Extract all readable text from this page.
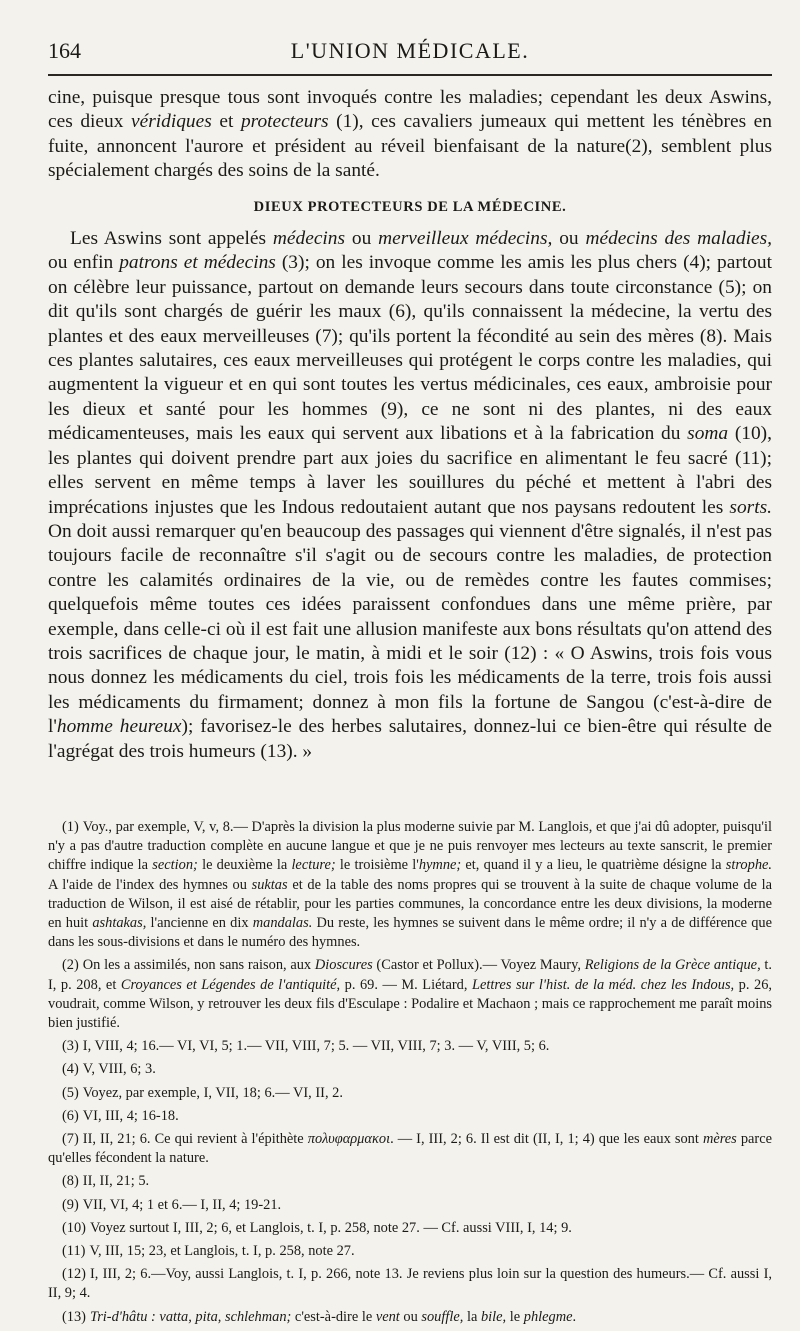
164	L'UNION MÉDICALE.

cine, puisque presque tous sont invoqués contre les maladies; cependant les deux Aswins, ces dieux véridiques et protecteurs (1), ces cavaliers jumeaux qui mettent les ténèbres en fuite, annoncent l'aurore et président au réveil bienfaisant de la nature(2), semblent plus spécialement chargés des soins de la santé.

DIEUX PROTECTEURS DE LA MÉDECINE.

Les Aswins sont appelés médecins ou merveilleux médecins, ou médecins des maladies, ou enfin patrons et médecins (3); on les invoque comme les amis les plus chers (4); partout on célèbre leur puissance, partout on demande leurs secours dans toute circonstance (5); on dit qu'ils sont chargés de guérir les maux (6), qu'ils connaissent la médecine, la vertu des plantes et des eaux merveilleuses (7); qu'ils portent la fécondité au sein des mères (8). Mais ces plantes salutaires, ces eaux merveilleuses qui protégent le corps contre les maladies, qui augmentent la vigueur et en qui sont toutes les vertus médicinales, ces eaux, ambroisie pour les dieux et santé pour les hommes (9), ce ne sont ni des plantes, ni des eaux médicamenteuses, mais les eaux qui servent aux libations et à la fabrication du soma (10), les plantes qui doivent prendre part aux joies du sacrifice en alimentant le feu sacré (11); elles servent en même temps à laver les souillures du péché et mettent à l'abri des imprécations injustes que les Indous redoutaient autant que nos paysans redoutent les sorts. On doit aussi remarquer qu'en beaucoup des passages qui viennent d'être signalés, il n'est pas toujours facile de reconnaître s'il s'agit ou de secours contre les maladies, de protection contre les calamités ordinaires de la vie, ou de remèdes contre les fautes commises; quelquefois même toutes ces idées paraissent confondues dans une même prière, par exemple, dans celle-ci où il est fait une allusion manifeste aux bons résultats qu'on attend des trois sacrifices de chaque jour, le matin, à midi et le soir (12) : « O Aswins, trois fois vous nous donnez les médicaments du ciel, trois fois les médicaments de la terre, trois fois aussi les médicaments du firmament; donnez à mon fils la fortune de Sangou (c'est-à-dire de l'homme heureux); favorisez-le des herbes salutaires, donnez-lui ce bien-être qui résulte de l'agrégat des trois humeurs (13). »

(1) Voy., par exemple, V, v, 8.— D'après la division la plus moderne suivie par M. Langlois, et que j'ai dû adopter, puisqu'il n'y a pas d'autre traduction complète en aucune langue et que je ne puis renvoyer mes lecteurs au texte sanscrit, le premier chiffre indique la section; le deuxième la lecture; le troisième l'hymne; et, quand il y a lieu, le quatrième désigne la strophe. A l'aide de l'index des hymnes ou suktas et de la table des noms propres qui se trouvent à la suite de chaque volume de la traduction de Wilson, il est aisé de rétablir, pour les parties communes, la concordance entre les deux divisions, la moderne en huit ashtakas, l'ancienne en dix mandalas. Du reste, les hymnes se suivent dans le même ordre; il n'y a de différence que dans les sous-divisions et dans le numéro des hymnes.

(2) On les a assimilés, non sans raison, aux Dioscures (Castor et Pollux).— Voyez Maury, Religions de la Grèce antique, t. I, p. 208, et Croyances et Légendes de l'antiquité, p. 69. — M. Liétard, Lettres sur l'hist. de la méd. chez les Indous, p. 26, voudrait, comme Wilson, y retrouver les deux fils d'Esculape : Podalire et Machaon ; mais ce rapprochement me paraît moins bien justifié.

(3) I, VIII, 4; 16.— VI, VI, 5; 1.— VII, VIII, 7; 5. — VII, VIII, 7; 3. — V, VIII, 5; 6.

(4) V, VIII, 6; 3.

(5) Voyez, par exemple, I, VII, 18; 6.— VI, II, 2.

(6) VI, III, 4; 16-18.

(7) II, II, 21; 6. Ce qui revient à l'épithète πολυφαρμακοι. — I, III, 2; 6. Il est dit (II, I, 1; 4) que les eaux sont mères parce qu'elles fécondent la nature.

(8) II, II, 21; 5.

(9) VII, VI, 4; 1 et 6.— I, II, 4; 19-21.

(10) Voyez surtout I, III, 2; 6, et Langlois, t. I, p. 258, note 27. — Cf. aussi VIII, I, 14; 9.

(11) V, III, 15; 23, et Langlois, t. I, p. 258, note 27.

(12) I, III, 2; 6.—Voy, aussi Langlois, t. I, p. 266, note 13. Je reviens plus loin sur la question des humeurs.— Cf. aussi I, II, 9; 4.

(13) Tri-d'hâtu : vatta, pita, schlehman; c'est-à-dire le vent ou souffle, la bile, le phlegme.
